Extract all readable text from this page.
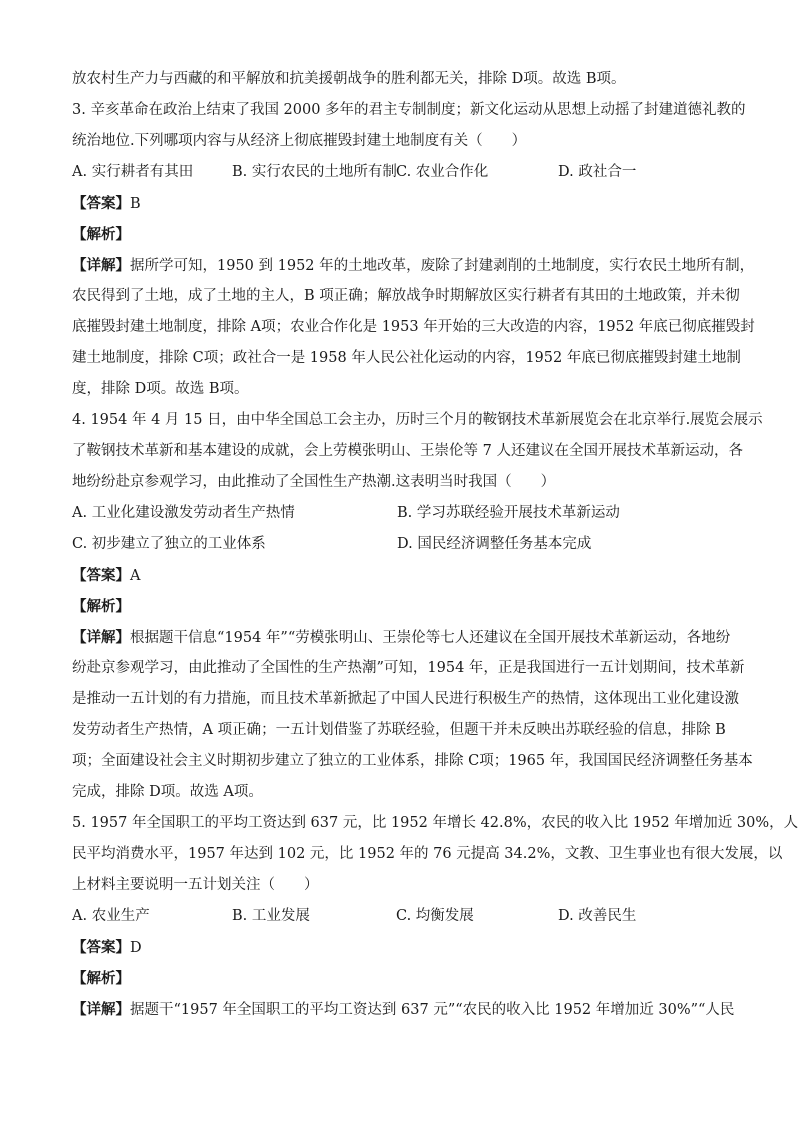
放农村生产力与西藏的和平解放和抗美援朝战争的胜利都无关，排除 D项。故选 B项。
3. 辛亥革命在政治上结束了我国 2000 多年的君主专制制度；新文化运动从思想上动摇了封建道德礼教的
统治地位.下列哪项内容与从经济上彻底摧毁封建土地制度有关（　　）
A. 实行耕者有其田	B. 实行农民的土地所有制 C. 农业合作化	D. 政社合一
【答案】B
【解析】
【详解】据所学可知，1950 到 1952 年的土地改革，废除了封建剥削的土地制度，实行农民土地所有制，
农民得到了土地，成了土地的主人，B 项正确；解放战争时期解放区实行耕者有其田的土地政策，并未彻
底摧毁封建土地制度，排除 A项；农业合作化是 1953 年开始的三大改造的内容，1952 年底已彻底摧毁封
建土地制度，排除 C项；政社合一是 1958 年人民公社化运动的内容，1952 年底已彻底摧毁封建土地制
度，排除 D项。故选 B项。
4. 1954 年 4 月 15 日，由中华全国总工会主办，历时三个月的鞍钢技术革新展览会在北京举行.展览会展示
了鞍钢技术革新和基本建设的成就，会上劳模张明山、王崇伦等 7 人还建议在全国开展技术革新运动，各
地纷纷赴京参观学习，由此推动了全国性生产热潮.这表明当时我国（　　）
A. 工业化建设激发劳动者生产热情	B. 学习苏联经验开展技术革新运动
C. 初步建立了独立的工业体系	D. 国民经济调整任务基本完成
【答案】A
【解析】
【详解】根据题干信息“1954 年”“劳模张明山、王崇伦等七人还建议在全国开展技术革新运动，各地纷
纷赴京参观学习，由此推动了全国性的生产热潮”可知，1954 年，正是我国进行一五计划期间，技术革新
是推动一五计划的有力措施，而且技术革新掀起了中国人民进行积极生产的热情，这体现出工业化建设激
发劳动者生产热情，A 项正确；一五计划借鉴了苏联经验，但题干并未反映出苏联经验的信息，排除 B
项；全面建设社会主义时期初步建立了独立的工业体系，排除 C项；1965 年，我国国民经济调整任务基本
完成，排除 D项。故选 A项。
5. 1957 年全国职工的平均工资达到 637 元，比 1952 年增长 42.8%，农民的收入比 1952 年增加近 30%，人
民平均消费水平，1957 年达到 102 元，比 1952 年的 76 元提高 34.2%，文教、卫生事业也有很大发展，以
上材料主要说明一五计划关注（　　）
A. 农业生产	B. 工业发展	C. 均衡发展	D. 改善民生
【答案】D
【解析】
【详解】据题干“1957 年全国职工的平均工资达到 637 元”“农民的收入比 1952 年增加近 30%”“人民
